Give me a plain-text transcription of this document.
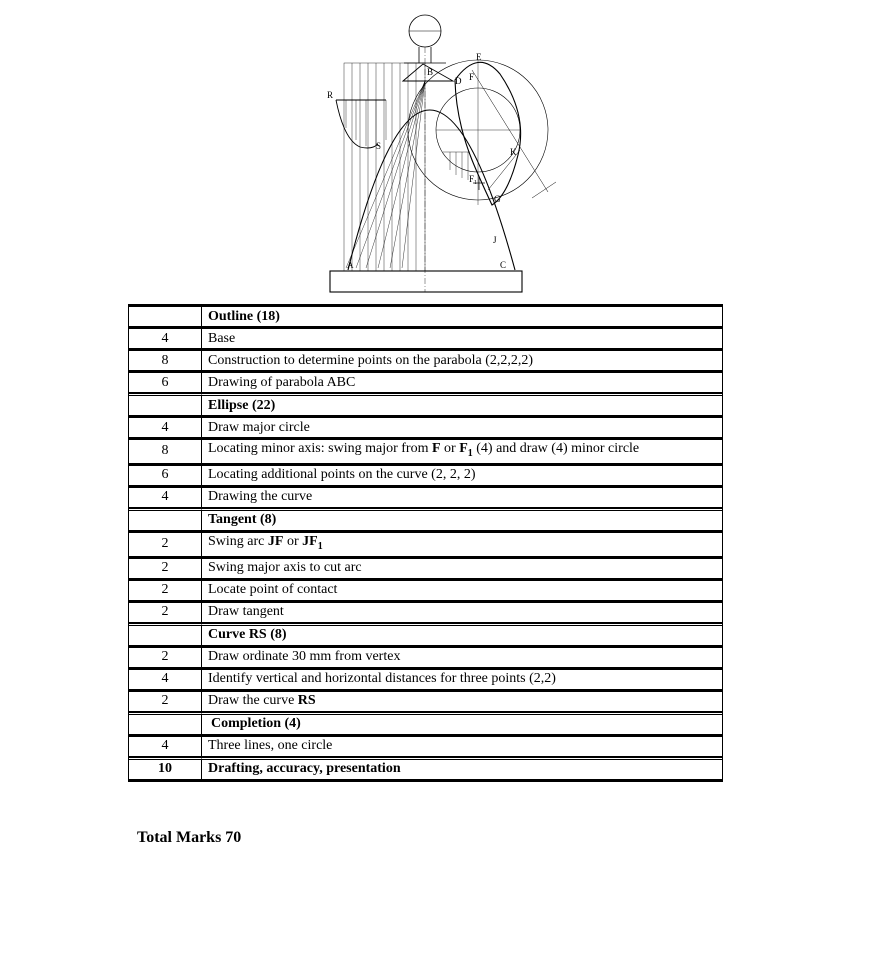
A
B
C
D
E
F
$F_1$
G
J
K
R
S
	Outline (18)
4	Base
8	Construction to determine points on the parabola (2,2,2,2)
6	Drawing of parabola ABC
	Ellipse (22)
4	Draw major circle
8	Locating minor axis: swing major from F or $F_1$ (4) and draw (4) minor circle
6	Locating additional points on the curve (2, 2, 2)
4	Drawing the curve
	Tangent (8)
2	Swing arc JF or $JF_1$
2	Swing major axis to cut arc
2	Locate point of contact
2	Draw tangent
	Curve RS (8)
2	Draw ordinate 30 mm from vertex
4	Identify vertical and horizontal distances for three points (2,2)
2	Draw the curve RS
	Completion (4)
4	Three lines, one circle
10	Drafting, accuracy, presentation
Total Marks 70
